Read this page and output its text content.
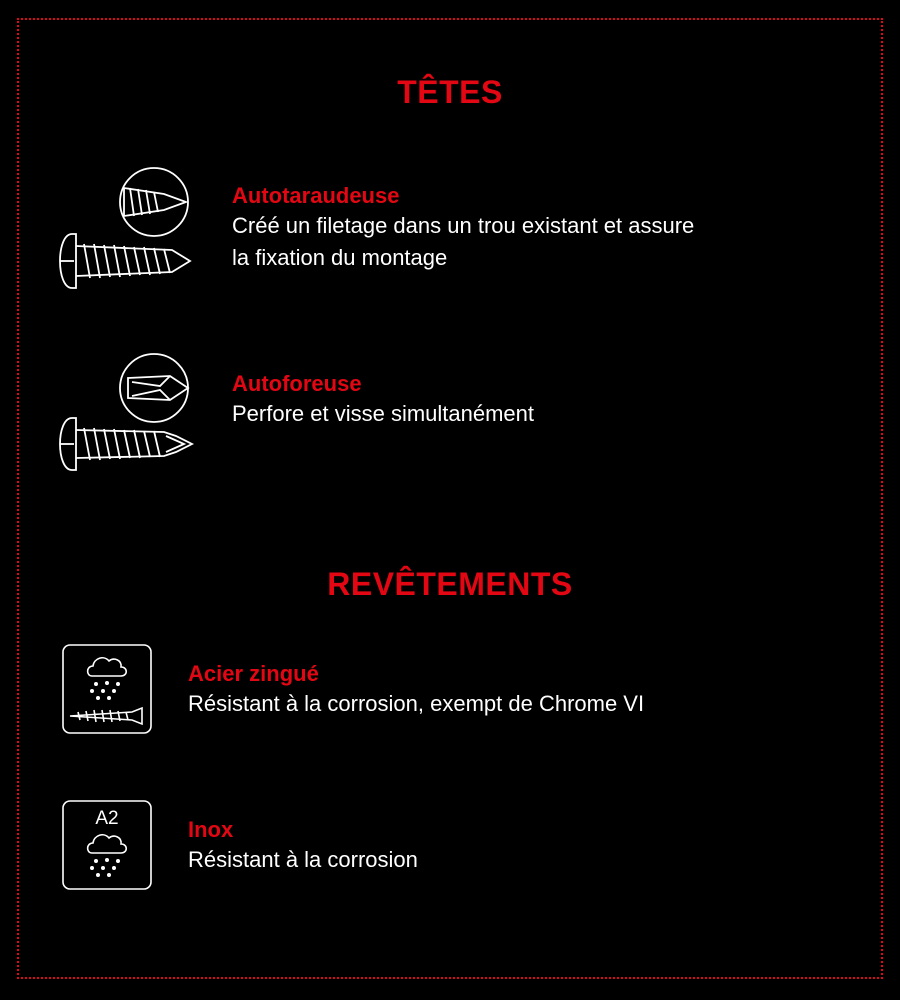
TÊTES

Autotaraudeuse

Créé un filetage dans un trou existant et assure

la fixation du montage

Autoforeuse

Perfore et visse simultanément

REVÊTEMENTS

Acier zingué

Résistant à la corrosion, exempt de Chrome VI

A2	Inox

Résistant à la corrosion
